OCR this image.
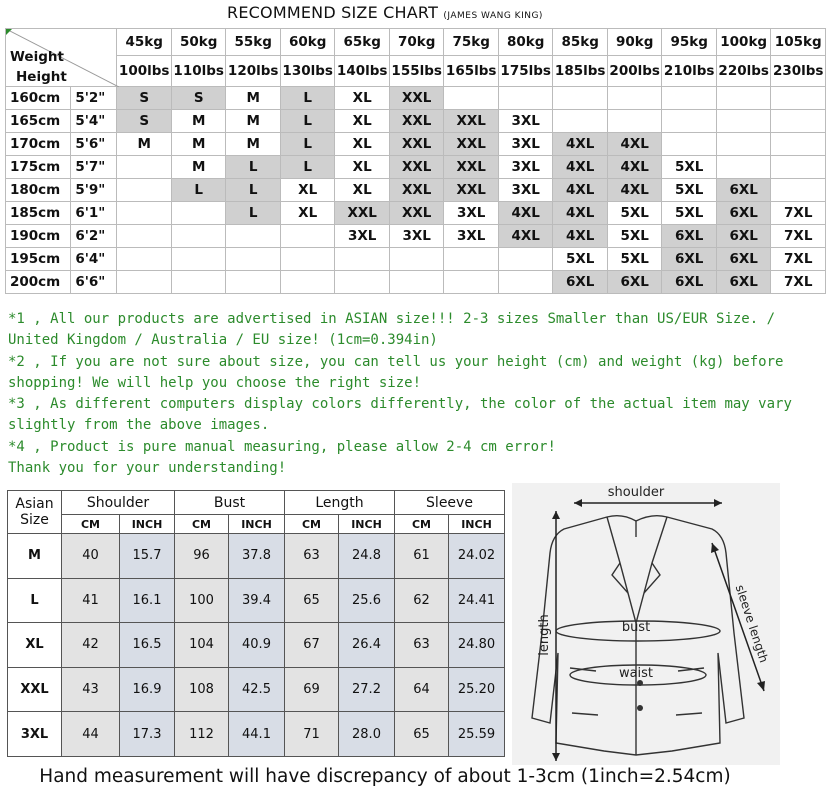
RECOMMEND SIZE CHART (JAMES WANG KING)
Weight
Height		45kg	50kg	55kg	60kg	65kg	70kg	75kg	80kg	85kg	90kg	95kg	100kg	105kg
		100lbs	110lbs	120lbs	130lbs	140lbs	155lbs	165lbs	175lbs	185lbs	200lbs	210lbs	220lbs	230lbs
160cm	5'2"	S	S	M	L	XL	XXL							
165cm	5'4"	S	M	M	L	XL	XXL	XXL	3XL					
170cm	5'6"	M	M	M	L	XL	XXL	XXL	3XL	4XL	4XL			
175cm	5'7"		M	L	L	XL	XXL	XXL	3XL	4XL	4XL	5XL		
180cm	5'9"		L	L	XL	XL	XXL	XXL	3XL	4XL	4XL	5XL	6XL	
185cm	6'1"			L	XL	XXL	XXL	3XL	4XL	4XL	5XL	5XL	6XL	7XL
190cm	6'2"					3XL	3XL	3XL	4XL	4XL	5XL	6XL	6XL	7XL
195cm	6'4"									5XL	5XL	6XL	6XL	7XL
200cm	6'6"									6XL	6XL	6XL	6XL	7XL

*1 , All our products are advertised in ASIAN size!!! 2-3 sizes Smaller than US/EUR Size. / United Kingdom / Australia / EU size! (1cm=0.394in)

*2 , If you are not sure about size, you can tell us your height (cm) and weight (kg) before shopping! We will help you choose the right size!

*3 , As different computers display colors differently, the color of the actual item may vary slightly from the above images.

*4 , Product is pure manual measuring, please allow 2-4 cm error!

Thank you for your understanding!

Asian
Size	Shoulder		Bust		Length		Sleeve	
	CM	INCH	CM	INCH	CM	INCH	CM	INCH
M	40	15.7	96	37.8	63	24.8	61	24.02
L	41	16.1	100	39.4	65	25.6	62	24.41
XL	42	16.5	104	40.9	67	26.4	63	24.80
XXL	43	16.9	108	42.5	69	27.2	64	25.20
3XL	44	17.3	112	44.1	71	28.0	65	25.59
shoulder
length	bust
waist
sleeve length
Hand measurement will have discrepancy of about 1-3cm (1inch=2.54cm)
